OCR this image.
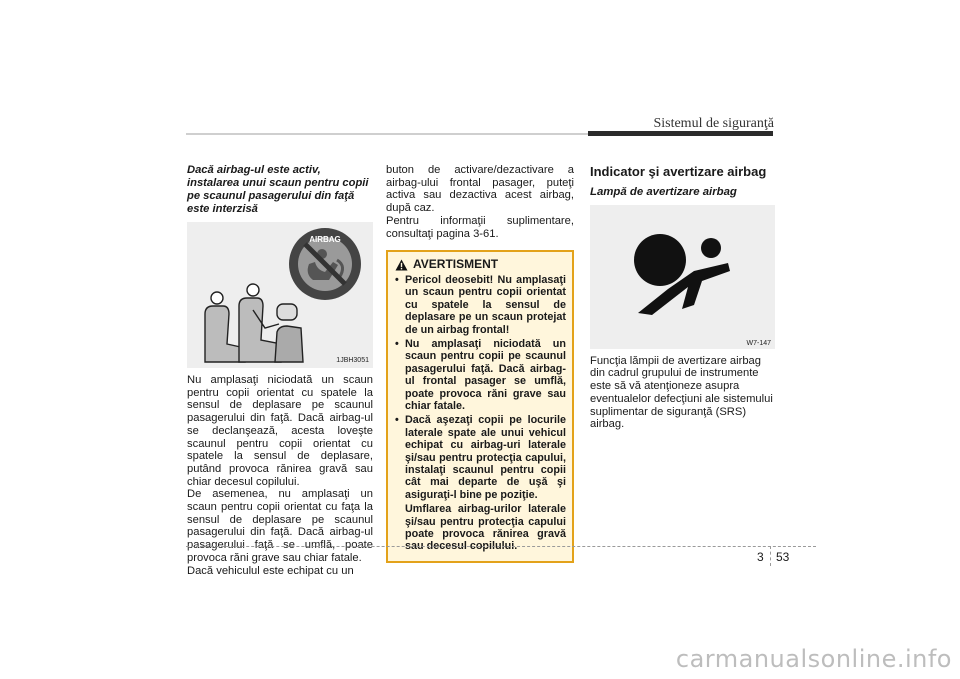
Sistemul de siguranţă
Dacă airbag-ul este activ, instalarea unui scaun pentru copii pe scaunul pasagerului din faţă este interzisă
AIRBAG
1JBH3051

Nu amplasaţi niciodată un scaun pentru copii orientat cu spatele la sensul de deplasare pe scaunul pasagerului din faţă. Dacă airbag-ul se declanşează, acesta loveşte scaunul pentru copii orientat cu spatele la sensul de deplasare, putând provoca rănirea gravă sau chiar decesul copilului.

De asemenea, nu amplasaţi un scaun pentru copii orientat cu faţa la sensul de deplasare pe scaunul pasagerului din faţă. Dacă airbag-ul pasagerului faţă se umflă, poate provoca răni grave sau chiar fatale.

Dacă vehiculul este echipat cu un

buton de activare/dezactivare a airbag-ului frontal pasager, puteţi activa sau dezactiva acest airbag, după caz.

Pentru informaţii suplimentare, consultaţi pagina 3-61.

AVERTISMENT
• Pericol deosebit! Nu amplasaţi un scaun pentru copii orientat cu spatele la sensul de deplasare pe un scaun protejat de un airbag frontal!
• Nu amplasaţi niciodată un scaun pentru copii pe scaunul pasagerului faţă. Dacă airbag-ul frontal pasager se umflă, poate provoca răni grave sau chiar fatale.
• Dacă aşezaţi copii pe locurile laterale spate ale unui vehicul echipat cu airbag-uri laterale şi/sau pentru protecţia capului, instalaţi scaunul pentru copii cât mai departe de uşă şi asiguraţi-l bine pe poziţie.
Umflarea airbag-urilor laterale şi/sau pentru protecţia capului poate provoca rănirea gravă sau decesul copilului.
Indicator şi avertizare airbag
Lampă de avertizare airbag
W7-147

Funcţia lămpii de avertizare airbag din cadrul grupului de instrumente este să vă atenţioneze asupra eventualelor defecţiuni ale sistemului suplimentar de siguranţă (SRS) airbag.

3 53
carmanualsonline.info
